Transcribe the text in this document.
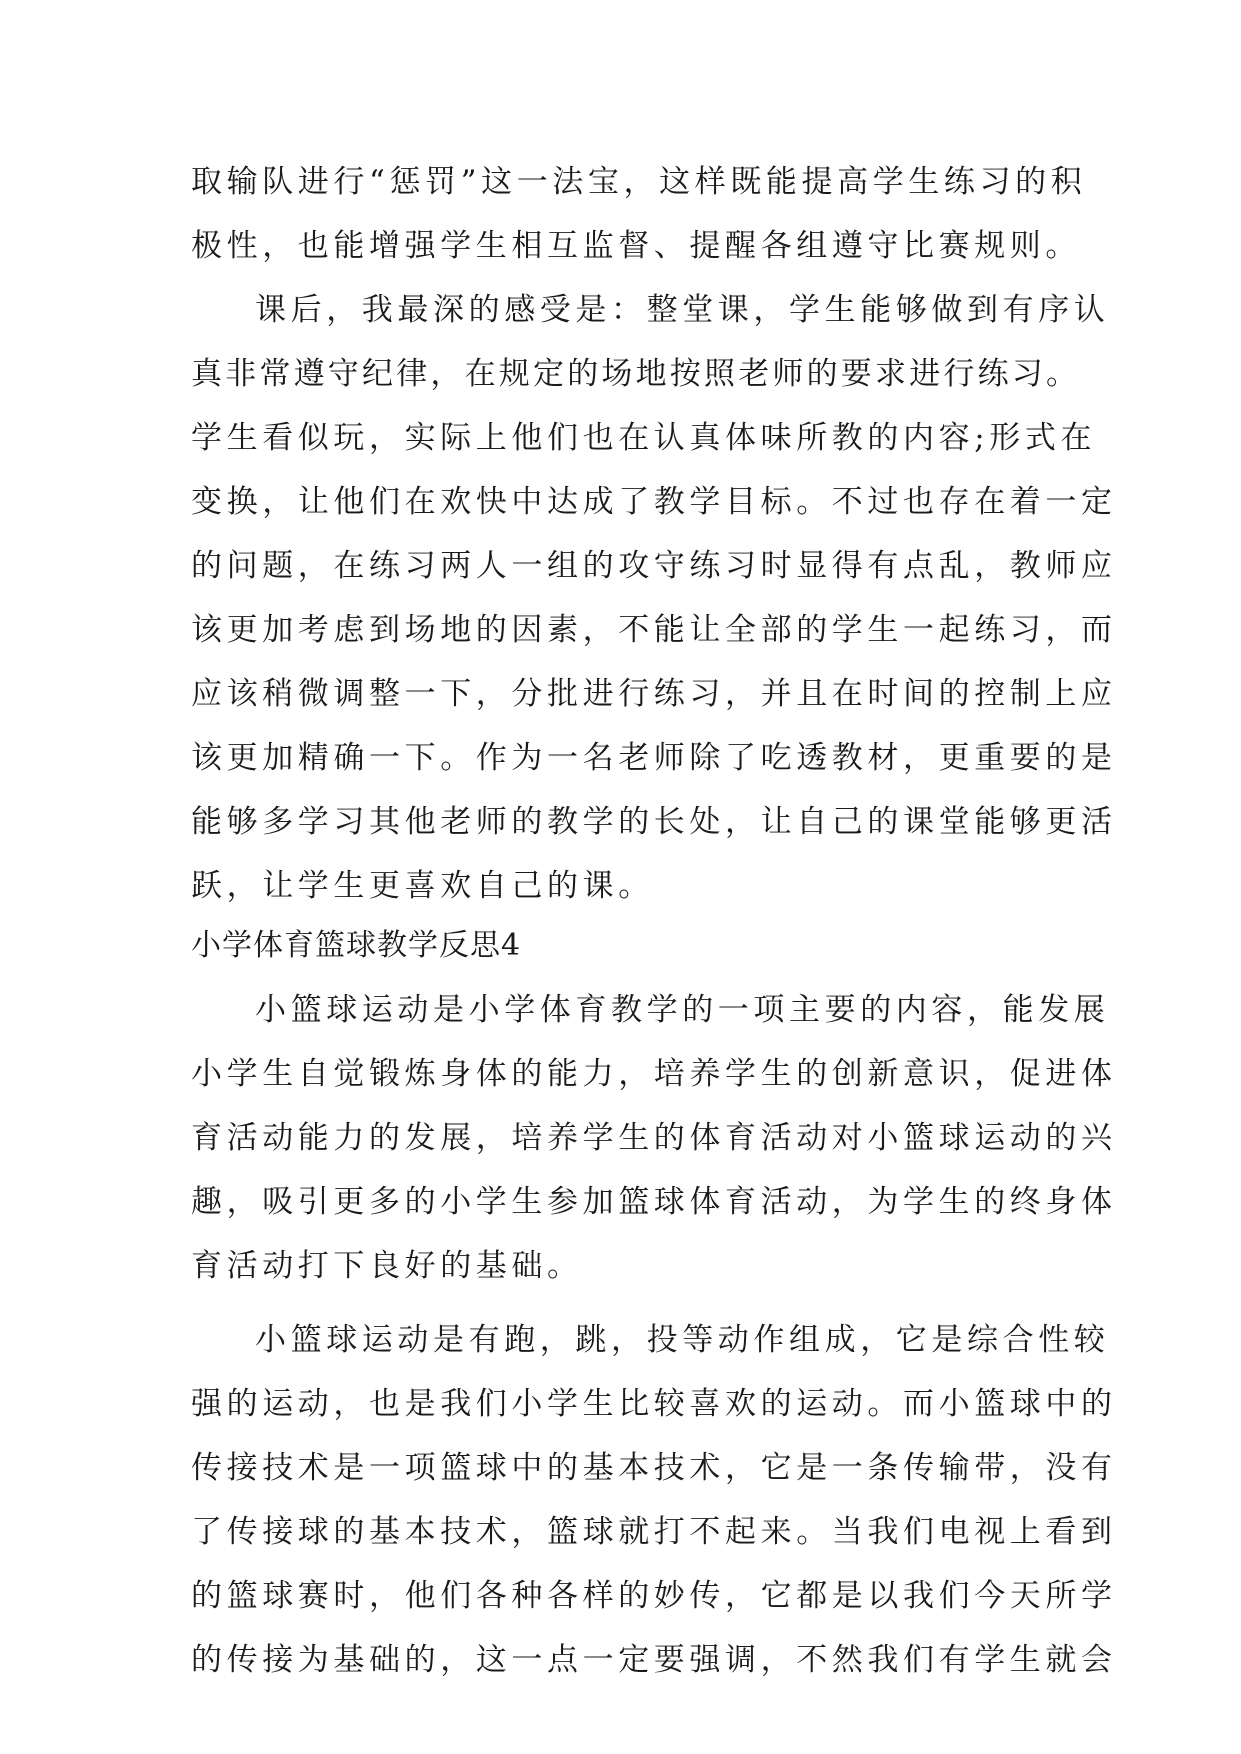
取输队进行“惩罚”这一法宝，这样既能提高学生练习的积
极性，也能增强学生相互监督、提醒各组遵守比赛规则。
课后，我最深的感受是：整堂课，学生能够做到有序认
真非常遵守纪律，在规定的场地按照老师的要求进行练习。
学生看似玩，实际上他们也在认真体味所教的内容;形式在
变换，让他们在欢快中达成了教学目标。不过也存在着一定
的问题，在练习两人一组的攻守练习时显得有点乱，教师应
该更加考虑到场地的因素，不能让全部的学生一起练习，而
应该稍微调整一下，分批进行练习，并且在时间的控制上应
该更加精确一下。作为一名老师除了吃透教材，更重要的是
能够多学习其他老师的教学的长处，让自己的课堂能够更活
跃，让学生更喜欢自己的课。
小学体育篮球教学反思4
小篮球运动是小学体育教学的一项主要的内容，能发展
小学生自觉锻炼身体的能力，培养学生的创新意识，促进体
育活动能力的发展，培养学生的体育活动对小篮球运动的兴
趣，吸引更多的小学生参加篮球体育活动，为学生的终身体
育活动打下良好的基础。
小篮球运动是有跑，跳，投等动作组成，它是综合性较
强的运动，也是我们小学生比较喜欢的运动。而小篮球中的
传接技术是一项篮球中的基本技术，它是一条传输带，没有
了传接球的基本技术，篮球就打不起来。当我们电视上看到
的篮球赛时，他们各种各样的妙传，它都是以我们今天所学
的传接为基础的，这一点一定要强调，不然我们有学生就会
